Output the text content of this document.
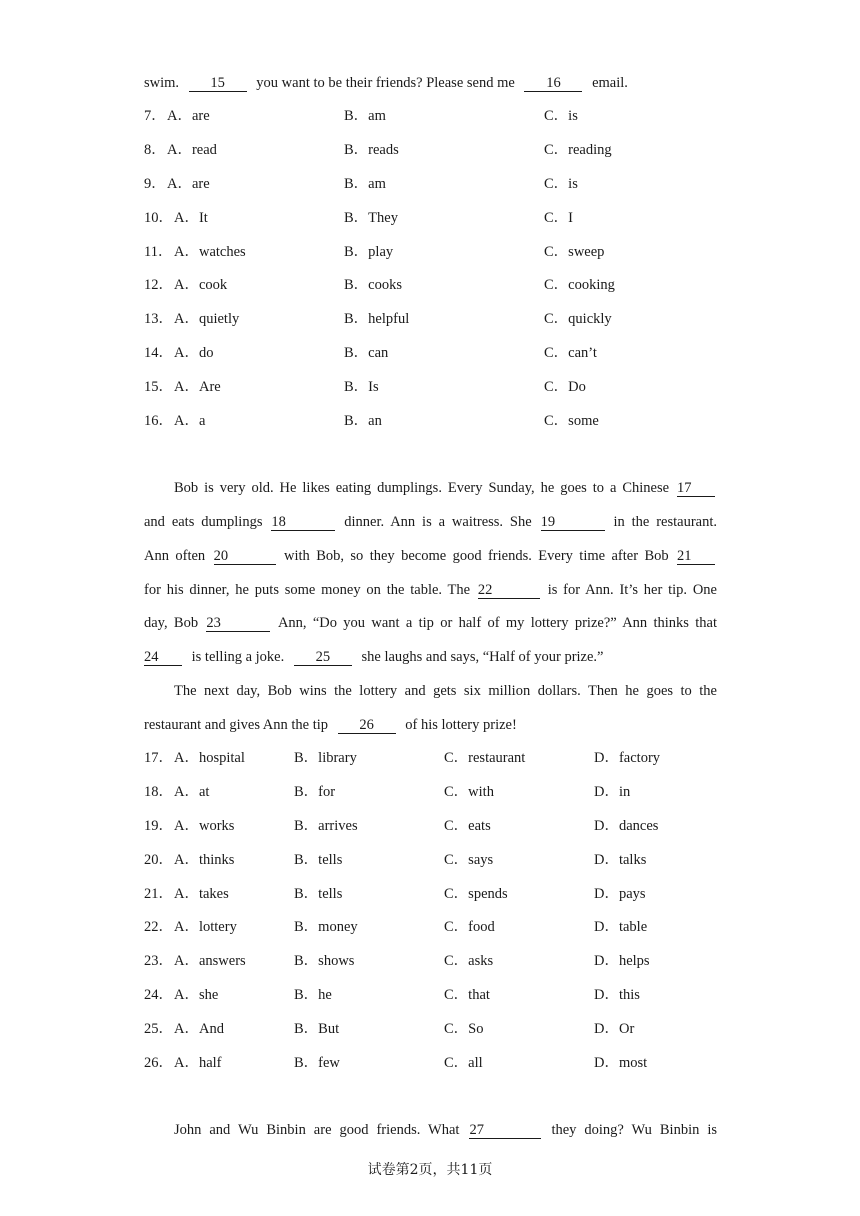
swim. 15 you want to be their friends? Please send me 16 email.
7． A．are	B．am	C．is
8． A．read	B．reads	C．reading
9． A．are	B．am	C．is
10． A．It	B．They	C．I
11． A．watches	B．play	C．sweep
12． A．cook	B．cooks	C．cooking
13． A．quietly	B．helpful	C．quickly
14． A．do	B．can	C．can’t
15． A．Are	B．Is	C．Do
16． A．a	B．an	C．some
Bob is very old. He likes eating dumplings. Every Sunday, he goes to a Chinese 17
and eats dumplings 18	dinner. Ann is a waitress. She 19	in the restaurant.
Ann often 20	with Bob, so they become good friends. Every time after Bob 21
for his dinner, he puts some money on the table. The 22	is for Ann. It’s her tip. One
day, Bob 23	Ann, “Do you want a tip or half of my lottery prize?” Ann thinks that
24 is telling a joke. 25 she laughs and says, “Half of your prize.”
The next day, Bob wins the lottery and gets six million dollars. Then he goes to the
restaurant and gives Ann the tip 26 of his lottery prize!
17． A．hospital	B．library	C．restaurant	D．factory
18． A．at	B．for	C．with	D．in
19． A．works	B．arrives	C．eats	D．dances
20． A．thinks	B．tells	C．says	D．talks
21． A．takes	B．tells	C．spends	D．pays
22． A．lottery	B．money	C．food	D．table
23． A．answers	B．shows	C．asks	D．helps
24． A．she	B．he	C．that	D．this
25． A．And	B．But	C．So	D．Or
26． A．half	B．few	C．all	D．most
John and Wu Binbin are good friends. What 27	they doing? Wu Binbin is
试卷第2页，共11页
